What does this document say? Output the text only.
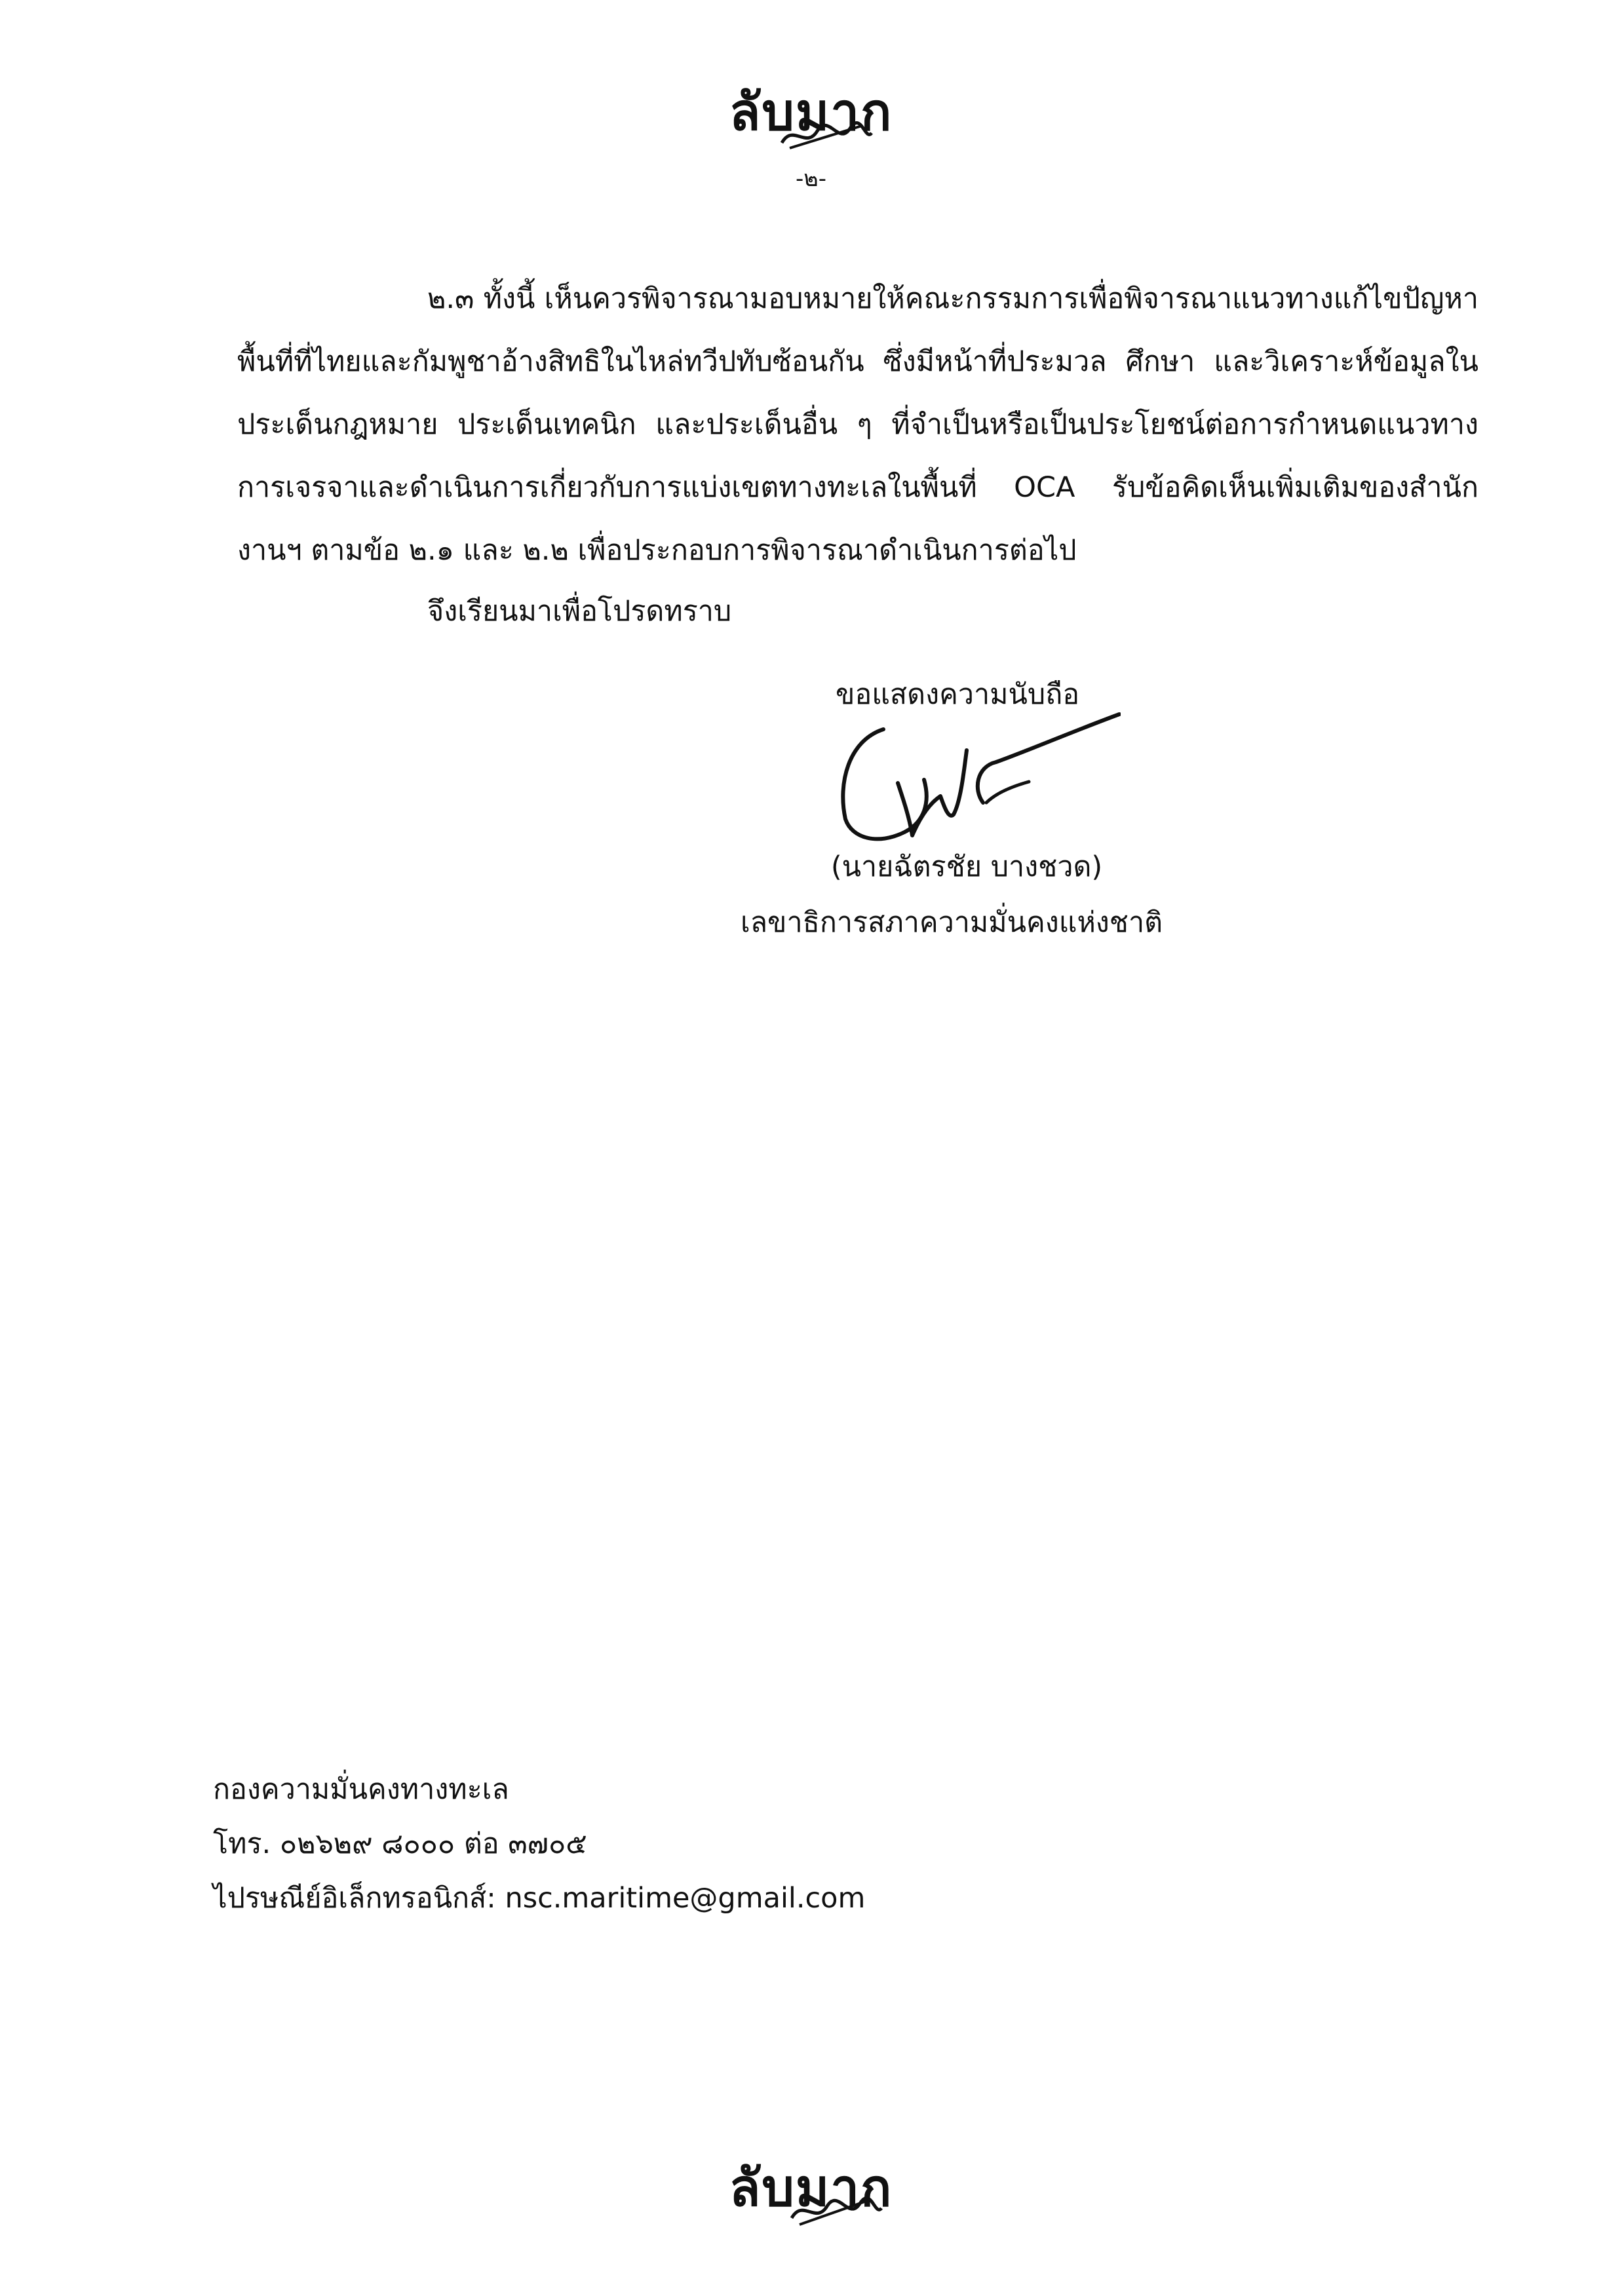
ลับมาก
-๒-
๒.๓ ทั้งนี้ เห็นควรพิจารณามอบหมายให้คณะกรรมการเพื่อพิจารณาแนวทางแก้ไขปัญหาพื้นที่ที่ไทยและกัมพูชาอ้างสิทธิในไหล่ทวีปทับซ้อนกัน ซึ่งมีหน้าที่ประมวล ศึกษา และวิเคราะห์ข้อมูลในประเด็นกฎหมาย ประเด็นเทคนิก และประเด็นอื่น ๆ ที่จำเป็นหรือเป็นประโยชน์ต่อการกำหนดแนวทางการเจรจาและดำเนินการเกี่ยวกับการแบ่งเขตทางทะเลในพื้นที่ OCA รับข้อคิดเห็นเพิ่มเติมของสำนักงานฯ ตามข้อ ๒.๑ และ ๒.๒ เพื่อประกอบการพิจารณาดำเนินการต่อไป
จึงเรียนมาเพื่อโปรดทราบ
ขอแสดงความนับถือ
(นายฉัตรชัย บางชวด)
เลขาธิการสภาความมั่นคงแห่งชาติ
กองความมั่นคงทางทะเล
โทร. ๐๒๖๒๙ ๘๐๐๐ ต่อ ๓๗๐๕
ไปรษณีย์อิเล็กทรอนิกส์: nsc.maritime@gmail.com
ลับมาก
